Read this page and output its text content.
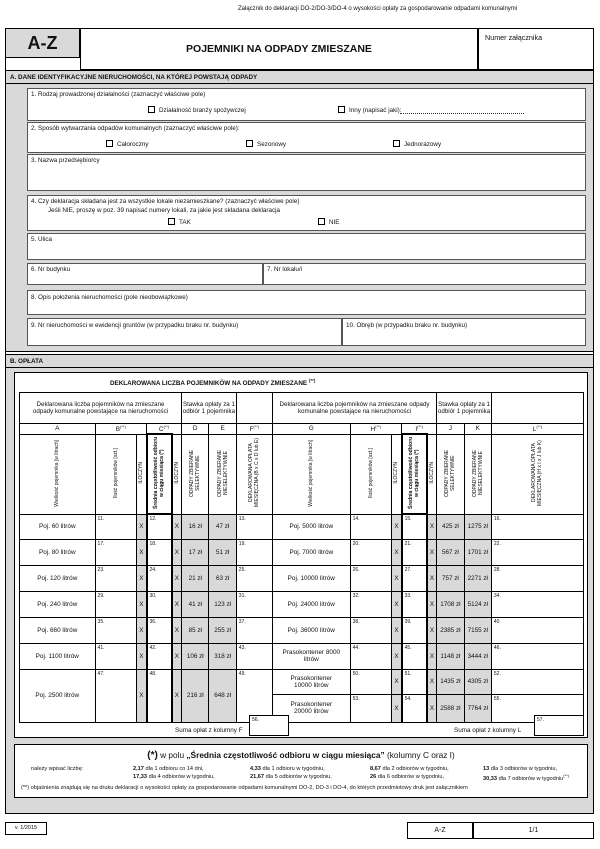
Załącznik do deklaracji DO-2/DO-3/DO-4 o wysokości opłaty za gospodarowanie odpadami komunalnymi
A-Z	POJEMNIKI NA ODPADY ZMIESZANE
Numer załącznika
A. DANE IDENTYFIKACYJNE NIERUCHOMOŚCI, NA KTÓREJ POWSTAJĄ ODPADY
1. Rodzaj prowadzonej działalności (zaznaczyć właściwe pole)
Działalność branży spożywczej	Inny (napisać jaki):
2. Sposób wytwarzania odpadów komunalnych (zaznaczyć właściwe pole):
Całoroczny	Sezonowy	Jednorazowy
3. Nazwa przedsiębiorcy
4. Czy deklaracja składana jest za wszystkie lokale niezamieszkane? (zaznaczyć właściwe pole)
Jeśli NIE, proszę w poz. 39 napisać numery lokali, za jakie jest składana deklaracja
TAK	NIE
5. Ulica
6. Nr budynku	7. Nr lokalu/i
8. Opis położenia nieruchomości (pole nieobowiązkowe)
9. Nr nieruchomości w ewidencji gruntów (w przypadku braku nr. budynku)	10. Obręb (w przypadku braku nr. budynku)
B. OPŁATA
DEKLAROWANA LICZBA POJEMNIKÓW NA ODPADY ZMIESZANE (**)
Deklarowana liczba pojemników na zmieszane odpady komunalne powstające na nieruchomości					Stawka opłaty za 1 odbiór 1 pojemnika			Deklarowana liczba pojemników na zmieszane odpady komunalne powstające na nieruchomości					Stawka opłaty za 1 odbiór 1 pojemnika		

A	B(**)		C(**)		D	E	F(**)	G	H(**)		I(**)		J	K	L(**)
Wielkość pojemnika [w litrach]	Ilość pojemników [szt.]	ILOCZYN	Średnia częstotliwość odbioru w ciągu miesiąca (*)	ILOCZYN	ODPADY ZBIERANE SELEKTYWNIE	ODPADY ZBIERANE NIESELEKTYWNIE	DEKLAROWANA OPŁATA MIESIĘCZNA (B x C x D lub E)	Wielkość pojemnika [w litrach]	Ilość pojemników [szt.]	ILOCZYN	Średnia częstotliwość odbioru w ciągu miesiąca (*)	ILOCZYN	ODPADY ZBIERANE SELEKTYWNIE	ODPADY ZBIERANE NIESELEKTYWNIE	DEKLAROWANA OPŁATA MIESIĘCZNA (H x I x J lub K)
Poj. 60 litrów	11.	X	12.	X	16 zł	47 zł	13.	Poj. 5000 litrów	14.	X	15.	X	425 zł	1275 zł	16.

Poj. 80 litrów	17.	X	18.	X	17 zł	51 zł	19.	Poj. 7000 litrów	20.	X	21.	X	567 zł	1701 zł	22.

Poj. 120 litrów	23.	X	24.	X	21 zł	63 zł	25.	Poj. 10000 litrów	26.	X	27.	X	757 zł	2271 zł	28.

Poj. 240 litrów	29.	X	30.	X	41 zł	123 zł	31.	Poj. 24000 litrów	32.	X	33.	X	1708 zł	5124 zł	34.

Poj. 660 litrów	35.	X	36.	X	85 zł	255 zł	37.	Poj. 36000 litrów	38.	X	39.	X	2385 zł	7155 zł	40.

Poj. 1100 litrów	41.	X	42.	X	106 zł	318 zł	43.	Prasokontener 8000 litrów	44.	X	45.	X	1148 zł	3444 zł	46.

Poj. 2500 litrów	47.	X	48.	X	216 zł	648 zł	49.	Prasokontener 10000 litrów	50.	X	51.	X	1435 zł	4305 zł	52.

								Prasokontener 20000 litrów	53.	X	54.	X	2588 zł	7764 zł	55.
Suma opłat z kolumny F
56.
Suma opłat z kolumny L
57.
(*) w polu „Średnia częstotliwość odbioru w ciągu miesiąca” (kolumny C oraz I)
należy wpisać liczbę:	2,17 dla 1 odbioru co 14 dni,	4,33 dla 1 odbioru w tygodniu,	8,67 dla 2 odbiorów w tygodniu,	13 dla 3 odbiorów w tygodniu,
17,33 dla 4 odbiorów w tygodniu,	21,67 dla 5 odbiorów w tygodniu,	26 dla 6 odbiorów w tygodniu,	30,33 dla 7 odbiorów w tygodniu(**)
(**) objaśnienia znajdują się na druku deklaracji o wysokości opłaty za gospodarowanie odpadami komunalnymi DO-2, DO-3 i DO-4, do których przedmiotowy druk jest załącznikiem
v. 1/2015	A-Z	1/1
